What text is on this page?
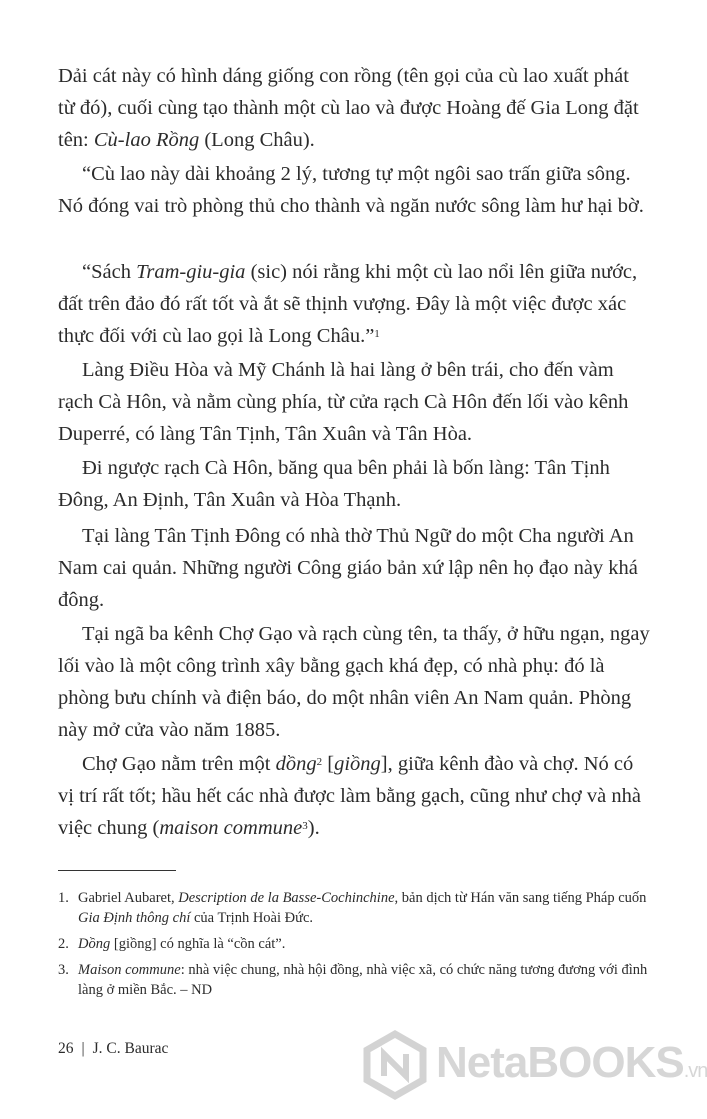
Dải cát này có hình dáng giống con rồng (tên gọi của cù lao xuất phát từ đó), cuối cùng tạo thành một cù lao và được Hoàng đế Gia Long đặt tên: Cù-lao Rồng (Long Châu).

“Cù lao này dài khoảng 2 lý, tương tự một ngôi sao trấn giữa sông. Nó đóng vai trò phòng thủ cho thành và ngăn nước sông làm hư hại bờ.

“Sách Tram-giu-gia (sic) nói rằng khi một cù lao nổi lên giữa nước, đất trên đảo đó rất tốt và ắt sẽ thịnh vượng. Đây là một việc được xác thực đối với cù lao gọi là Long Châu.”$^1$

Làng Điều Hòa và Mỹ Chánh là hai làng ở bên trái, cho đến vàm rạch Cà Hôn, và nằm cùng phía, từ cửa rạch Cà Hôn đến lối vào kênh Duperré, có làng Tân Tịnh, Tân Xuân và Tân Hòa.

Đi ngược rạch Cà Hôn, băng qua bên phải là bốn làng: Tân Tịnh Đông, An Định, Tân Xuân và Hòa Thạnh.

Tại làng Tân Tịnh Đông có nhà thờ Thủ Ngữ do một Cha người An Nam cai quản. Những người Công giáo bản xứ lập nên họ đạo này khá đông.

Tại ngã ba kênh Chợ Gạo và rạch cùng tên, ta thấy, ở hữu ngạn, ngay lối vào là một công trình xây bằng gạch khá đẹp, có nhà phụ: đó là phòng bưu chính và điện báo, do một nhân viên An Nam quản. Phòng này mở cửa vào năm 1885.

Chợ Gạo nằm trên một dồng$^2$ [giồng], giữa kênh đào và chợ. Nó có vị trí rất tốt; hầu hết các nhà được làm bằng gạch, cũng như chợ và nhà việc chung (maison commune$^3$).

1. Gabriel Aubaret, Description de la Basse-Cochinchine, bản dịch từ Hán văn sang tiếng Pháp cuốn Gia Định thông chí của Trịnh Hoài Đức.
2. Dồng [giồng] có nghĩa là “cồn cát”.
3. Maison commune: nhà việc chung, nhà hội đồng, nhà việc xã, có chức năng tương đương với đình làng ở miền Bắc. – ND
26 | J. C. Baurac	NetaBOOKS.vn
